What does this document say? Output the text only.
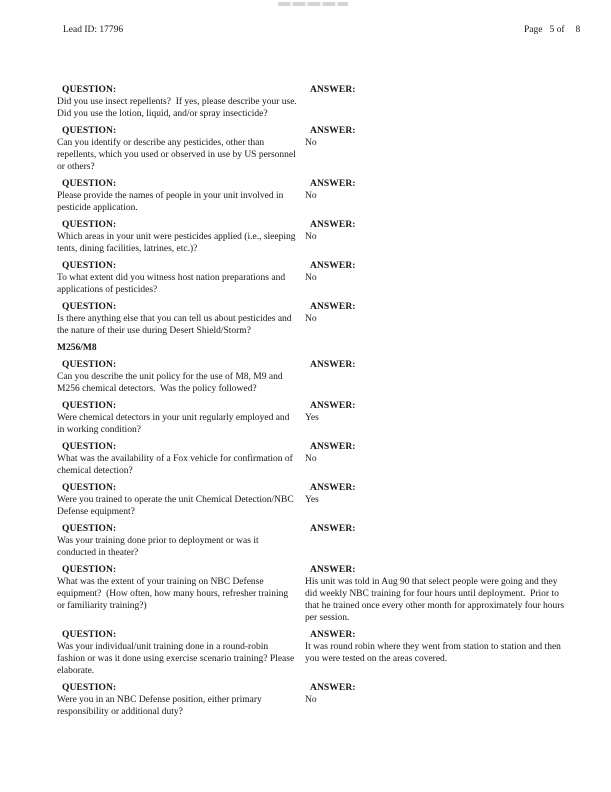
Lead ID: 17796	Page 5 of 8
QUESTION:
Did you use insect repellents?  If yes, please describe your use.  Did you use the lotion, liquid, and/or spray insecticide?
ANSWER:
QUESTION:
Can you identify or describe any pesticides, other than repellents, which you used or observed in use by US personnel or others?
ANSWER:
No
QUESTION:
Please provide the names of people in your unit involved in pesticide application.
ANSWER:
No
QUESTION:
Which areas in your unit were pesticides applied (i.e., sleeping tents, dining facilities, latrines, etc.)?
ANSWER:
No
QUESTION:
To what extent did you witness host nation preparations and applications of pesticides?
ANSWER:
No
QUESTION:
Is there anything else that you can tell us about pesticides and the nature of their use during Desert Shield/Storm?
ANSWER:
No
M256/M8
QUESTION:
Can you describe the unit policy for the use of M8, M9 and M256 chemical detectors.  Was the policy followed?
ANSWER:
QUESTION:
Were chemical detectors in your unit regularly employed and in working condition?
ANSWER:
Yes
QUESTION:
What was the availability of a Fox vehicle for confirmation of chemical detection?
ANSWER:
No
QUESTION:
Were you trained to operate the unit Chemical Detection/NBC Defense equipment?
ANSWER:
Yes
QUESTION:
Was your training done prior to deployment or was it conducted in theater?
ANSWER:
QUESTION:
What was the extent of your training on NBC Defense equipment?  (How often, how many hours, refresher training or familiarity training?)
ANSWER:
His unit was told in Aug 90 that select people were going and they did weekly NBC training for four hours until deployment.  Prior to that he trained once every other month for approximately four hours per session.
QUESTION:
Was your individual/unit training done in a round-robin fashion or was it done using exercise scenario training? Please elaborate.
ANSWER:
It was round robin where they went from station to station and then you were tested on the areas covered.
QUESTION:
Were you in an NBC Defense position, either primary responsibility or additional duty?
ANSWER:
No
